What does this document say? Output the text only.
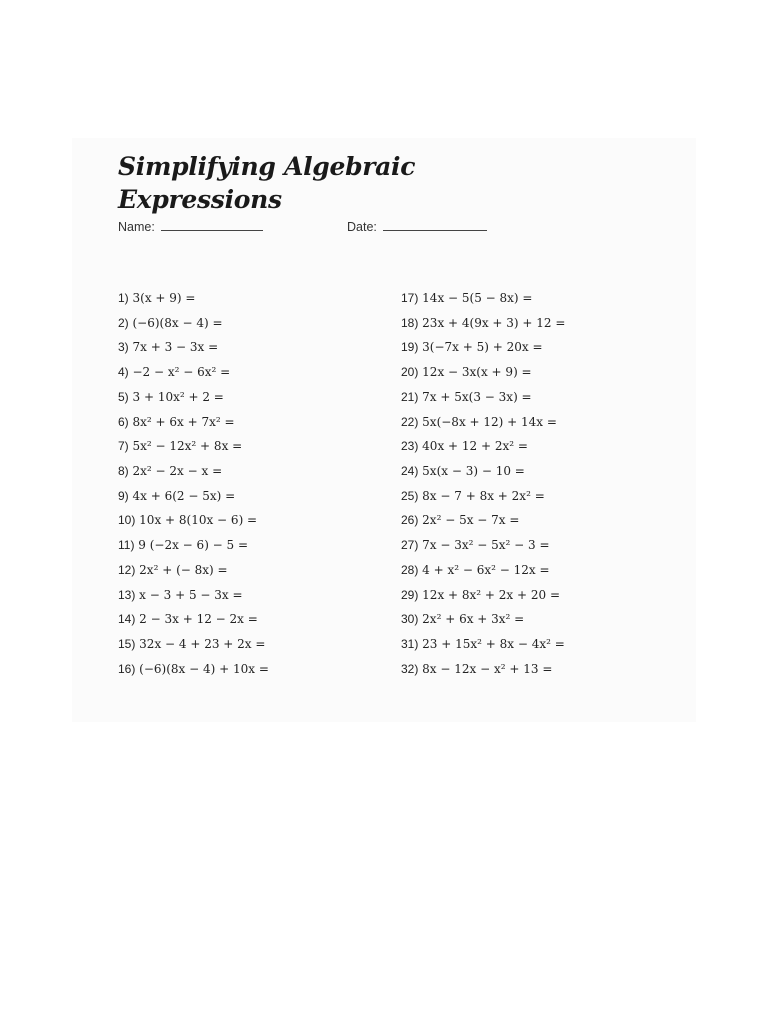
Simplifying Algebraic
Expressions
Name:	Date:
1) 3(x + 9) =
2) (−6)(8x − 4) =
3) 7x + 3 − 3x =
4) −2 − x² − 6x² =
5) 3 + 10x² + 2 =
6) 8x² + 6x + 7x² =
7) 5x² − 12x² + 8x =
8) 2x² − 2x − x =
9) 4x + 6(2 − 5x) =
10) 10x + 8(10x − 6) =
11) 9 (−2x − 6) − 5 =
12) 2x² + (− 8x) =
13) x − 3 + 5 − 3x =
14) 2 − 3x + 12 − 2x =
15) 32x − 4 + 23 + 2x =
16) (−6)(8x − 4) + 10x =
17) 14x − 5(5 − 8x) =
18) 23x + 4(9x + 3) + 12 =
19) 3(−7x + 5) + 20x =
20) 12x − 3x(x + 9) =
21) 7x + 5x(3 − 3x) =
22) 5x(−8x + 12) + 14x =
23) 40x + 12 + 2x² =
24) 5x(x − 3) − 10 =
25) 8x − 7 + 8x + 2x² =
26) 2x² − 5x − 7x =
27) 7x − 3x² − 5x² − 3 =
28) 4 + x² − 6x² − 12x =
29) 12x + 8x² + 2x + 20 =
30) 2x² + 6x + 3x² =
31) 23 + 15x² + 8x − 4x² =
32) 8x − 12x − x² + 13 =
